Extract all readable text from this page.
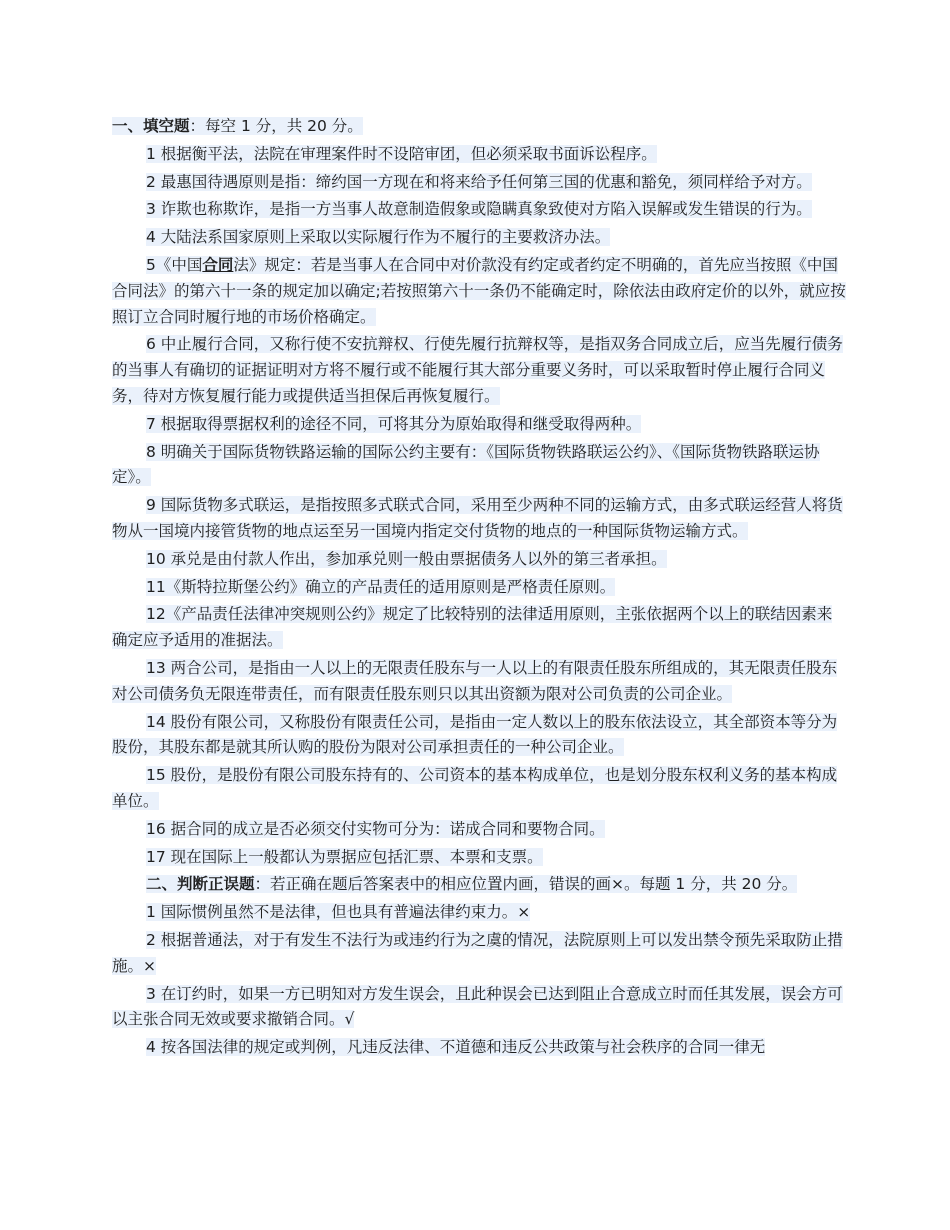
一、填空题：每空 1 分，共 20 分。

1 根据衡平法，法院在审理案件时不设陪审团，但必须采取书面诉讼程序。

2 最惠国待遇原则是指：缔约国一方现在和将来给予任何第三国的优惠和豁免，须同样给予对方。

3 诈欺也称欺诈，是指一方当事人故意制造假象或隐瞒真象致使对方陷入误解或发生错误的行为。

4 大陆法系国家原则上采取以实际履行作为不履行的主要救济办法。

5《中国合同法》规定：若是当事人在合同中对价款没有约定或者约定不明确的，首先应当按照《中国合同法》的第六十一条的规定加以确定;若按照第六十一条仍不能确定时，除依法由政府定价的以外，就应按照订立合同时履行地的市场价格确定。

6 中止履行合同，又称行使不安抗辩权、行使先履行抗辩权等，是指双务合同成立后，应当先履行债务的当事人有确切的证据证明对方将不履行或不能履行其大部分重要义务时，可以采取暂时停止履行合同义务，待对方恢复履行能力或提供适当担保后再恢复履行。

7 根据取得票据权利的途径不同，可将其分为原始取得和继受取得两种。

8 明确关于国际货物铁路运输的国际公约主要有：《国际货物铁路联运公约》、《国际货物铁路联运协定》。

9 国际货物多式联运，是指按照多式联式合同，采用至少两种不同的运输方式，由多式联运经营人将货物从一国境内接管货物的地点运至另一国境内指定交付货物的地点的一种国际货物运输方式。

10 承兑是由付款人作出，参加承兑则一般由票据债务人以外的第三者承担。

11《斯特拉斯堡公约》确立的产品责任的适用原则是严格责任原则。

12《产品责任法律冲突规则公约》规定了比较特别的法律适用原则，主张依据两个以上的联结因素来确定应予适用的准据法。

13 两合公司，是指由一人以上的无限责任股东与一人以上的有限责任股东所组成的，其无限责任股东对公司债务负无限连带责任，而有限责任股东则只以其出资额为限对公司负责的公司企业。

14 股份有限公司，又称股份有限责任公司，是指由一定人数以上的股东依法设立，其全部资本等分为股份，其股东都是就其所认购的股份为限对公司承担责任的一种公司企业。

15 股份，是股份有限公司股东持有的、公司资本的基本构成单位，也是划分股东权利义务的基本构成单位。

16 据合同的成立是否必须交付实物可分为：诺成合同和要物合同。

17 现在国际上一般都认为票据应包括汇票、本票和支票。

二、判断正误题：若正确在题后答案表中的相应位置内画，错误的画×。每题 1 分，共 20 分。

1 国际惯例虽然不是法律，但也具有普遍法律约束力。×

2 根据普通法，对于有发生不法行为或违约行为之虞的情况，法院原则上可以发出禁令预先采取防止措施。×

3 在订约时，如果一方已明知对方发生误会，且此种误会已达到阻止合意成立时而任其发展，误会方可以主张合同无效或要求撤销合同。√

4 按各国法律的规定或判例，凡违反法律、不道德和违反公共政策与社会秩序的合同一律无
